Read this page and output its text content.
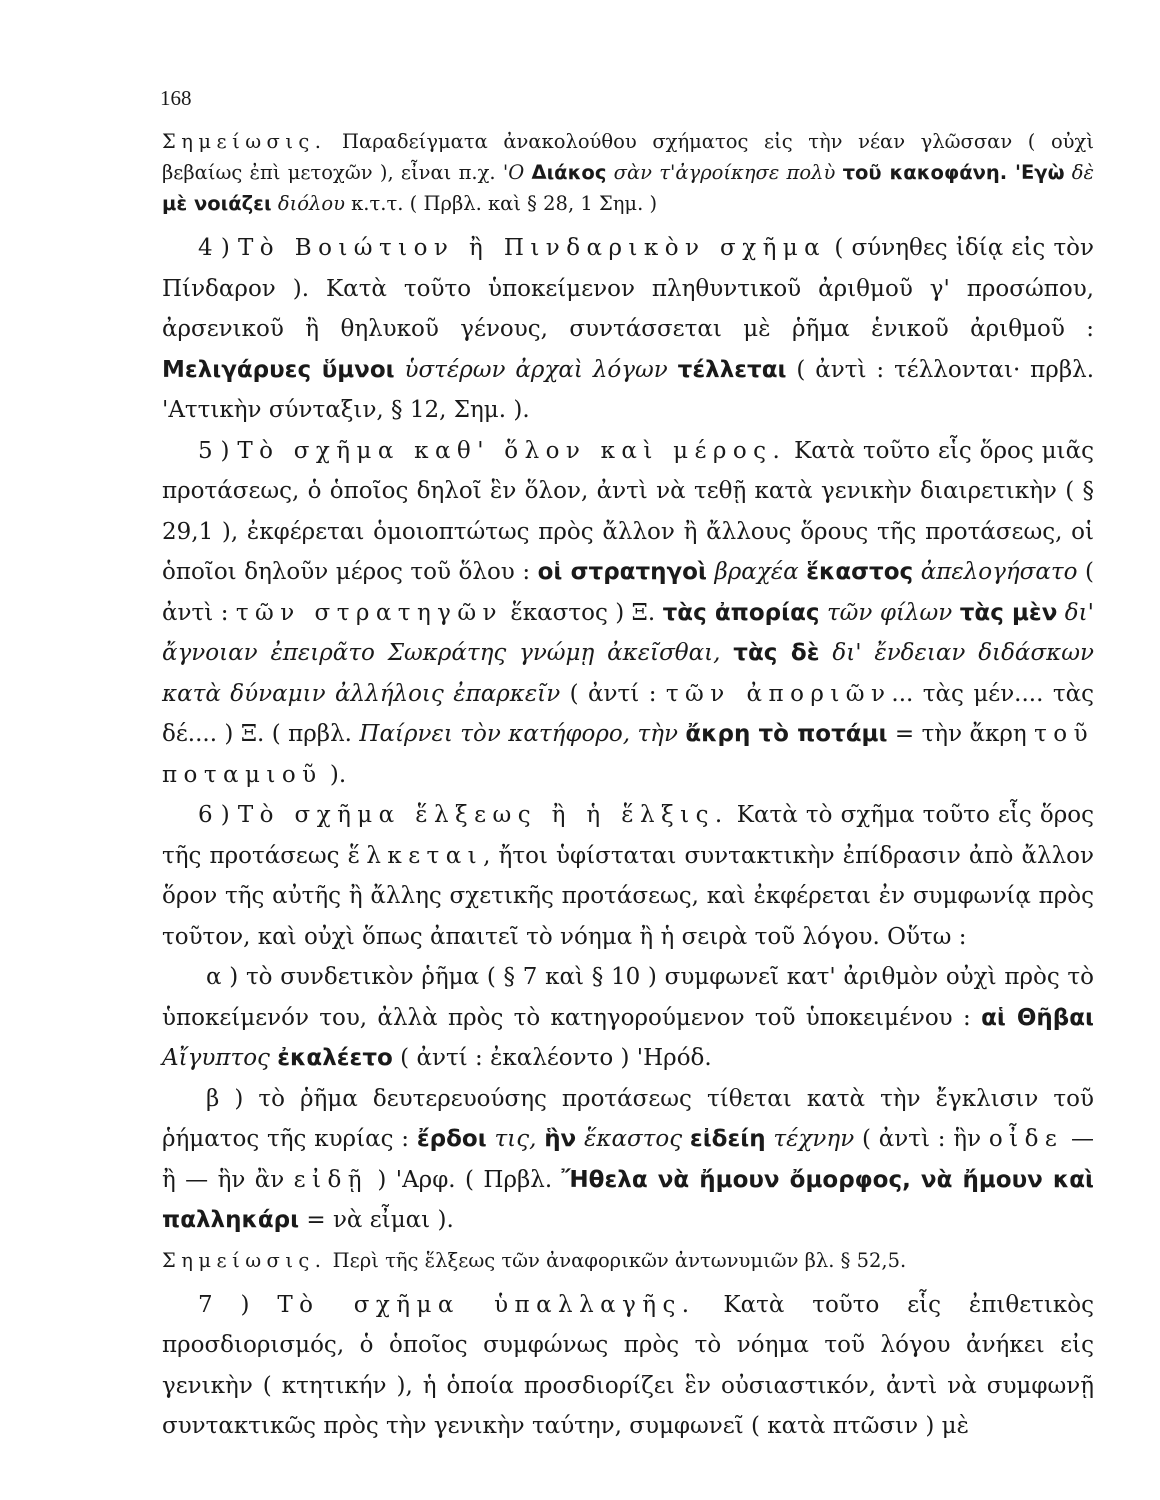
168

Σημείωσις. Παραδείγματα ἀνακολούθου σχήματος εἰς τὴν νέαν γλῶσσαν ( οὐχὶ βεβαίως ἐπὶ μετοχῶν ), εἶναι π.χ. 'Ο Διάκος σὰν τ'ἀγροίκησε πολὺ τοῦ κακοφάνη. 'Εγὼ δὲ μὲ νοιάζει διόλου κ.τ.τ. ( Πρβλ. καὶ § 28, 1 Σημ. )

4 ) Τὸ Βοιώτιον ἢ Πινδαρικὸν σχῆμα ( σύνηθες ἰδίᾳ εἰς τὸν Πίνδαρον ). Κατὰ τοῦτο ὑποκείμενον πληθυντικοῦ ἀριθμοῦ γ' προσώπου, ἀρσενικοῦ ἢ θηλυκοῦ γένους, συντάσσεται μὲ ῥῆμα ἑνικοῦ ἀριθμοῦ : Μελιγάρυες ὕμνοι ὑστέρων ἀρχαὶ λόγων τέλλεται ( ἀντὶ : τέλλονται· πρβλ. 'Αττικὴν σύνταξιν, § 12, Σημ. ).

5 ) Τὸ σχῆμα καθ' ὅλον καὶ μέρος. Κατὰ τοῦτο εἷς ὅρος μιᾶς προτάσεως, ὁ ὁποῖος δηλοῖ ἓν ὅλον, ἀντὶ νὰ τεθῇ κατὰ γενικὴν διαιρετικὴν ( § 29,1 ), ἐκφέρεται ὁμοιοπτώτως πρὸς ἄλλον ἢ ἄλλους ὅρους τῆς προτάσεως, οἱ ὁποῖοι δηλοῦν μέρος τοῦ ὅλου : οἱ στρατηγοὶ βραχέα ἕκαστος ἀπελογήσατο ( ἀντὶ : τῶν στρατηγῶν ἕκαστος ) Ξ. τὰς ἀπορίας τῶν φίλων τὰς μὲν δι' ἄγνοιαν ἐπειρᾶτο Σωκράτης γνώμῃ ἀκεῖσθαι, τὰς δὲ δι' ἔνδειαν διδάσκων κατὰ δύναμιν ἀλλήλοις ἐπαρκεῖν ( ἀντί : τῶν ἀποριῶν... τὰς μέν.... τὰς δέ.... ) Ξ. ( πρβλ. Παίρνει τὸν κατήφορο, τὴν ἄκρη τὸ ποτάμι = τὴν ἄκρη τοῦ ποταμιοῦ ).

6 ) Τὸ σχῆμα ἕλξεως ἢ ἡ ἕλξις. Κατὰ τὸ σχῆμα τοῦτο εἷς ὅρος τῆς προτάσεως ἕλκεται, ἤτοι ὑφίσταται συντακτικὴν ἐπίδρασιν ἀπὸ ἄλλον ὅρον τῆς αὐτῆς ἢ ἄλλης σχετικῆς προτάσεως, καὶ ἐκφέρεται ἐν συμφωνίᾳ πρὸς τοῦτον, καὶ οὐχὶ ὅπως ἀπαιτεῖ τὸ νόημα ἢ ἡ σειρὰ τοῦ λόγου. Οὕτω :

α ) τὸ συνδετικὸν ῥῆμα ( § 7 καὶ § 10 ) συμφωνεῖ κατ' ἀριθμὸν οὐχὶ πρὸς τὸ ὑποκείμενόν του, ἀλλὰ πρὸς τὸ κατηγορούμενον τοῦ ὑποκειμένου : αἱ Θῆβαι Αἴγυπτος ἐκαλέετο ( ἀντί : ἐκαλέοντο ) 'Ηρόδ.

β ) τὸ ῥῆμα δευτερευούσης προτάσεως τίθεται κατὰ τὴν ἔγκλισιν τοῦ ῥήματος τῆς κυρίας : ἔρδοι τις, ἣν ἕκαστος εἰδείη τέχνην ( ἀντὶ : ἣν οἶδε — ἢ — ἣν ἂν εἰδῇ ) 'Αρφ. ( Πρβλ. Ἤθελα νὰ ἤμουν ὄμορφος, νὰ ἤμουν καὶ παλληκάρι = νὰ εἶμαι ).

Σημείωσις. Περὶ τῆς ἕλξεως τῶν ἀναφορικῶν ἀντωνυμιῶν βλ. § 52,5.

7 ) Τὸ σχῆμα ὑπαλλαγῆς. Κατὰ τοῦτο εἷς ἐπιθετικὸς προσδιορισμός, ὁ ὁποῖος συμφώνως πρὸς τὸ νόημα τοῦ λόγου ἀνήκει εἰς γενικὴν ( κτητικήν ), ἡ ὁποία προσδιορίζει ἓν οὐσιαστικόν, ἀντὶ νὰ συμφωνῇ συντακτικῶς πρὸς τὴν γενικὴν ταύτην, συμφωνεῖ ( κατὰ πτῶσιν ) μὲ
